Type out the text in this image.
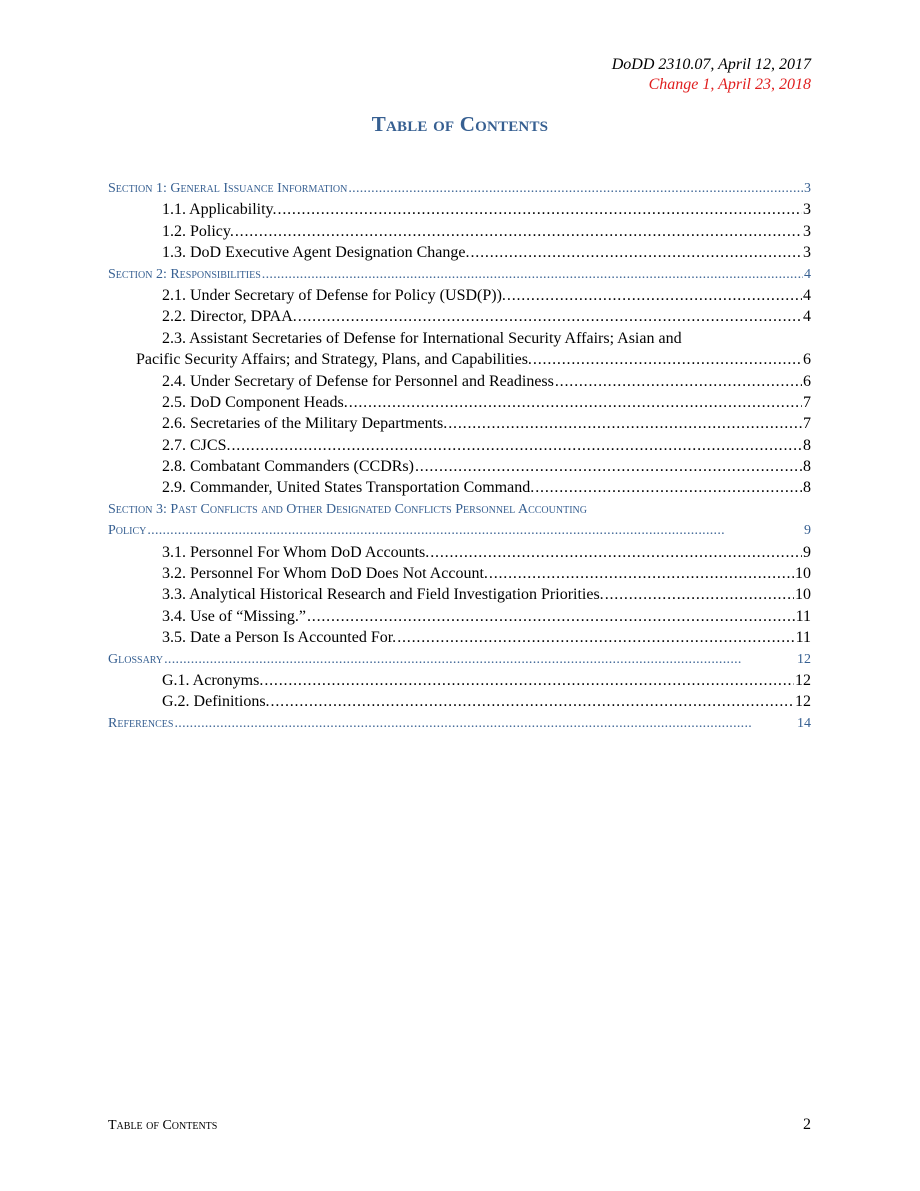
DoDD 2310.07, April 12, 2017
Change 1, April 23, 2018
Table of Contents
Section 1: General Issuance Information . . .	3
1.1. Applicability. . . .	3
1.2. Policy. . . .	3
1.3. DoD Executive Agent Designation Change. . . .	3
Section 2: Responsibilities . . .	4
2.1. Under Secretary of Defense for Policy (USD(P)). . . .	4
2.2. Director, DPAA. . . .	4
2.3. Assistant Secretaries of Defense for International Security Affairs; Asian and
Pacific Security Affairs; and Strategy, Plans, and Capabilities. . . .	6
2.4. Under Secretary of Defense for Personnel and Readiness . . .	6
2.5. DoD Component Heads. . . .	7
2.6. Secretaries of the Military Departments. . . .	7
2.7. CJCS. . . .	8
2.8. Combatant Commanders (CCDRs) . . .	8
2.9. Commander, United States Transportation Command. . . .	8
Section 3: Past Conflicts and Other Designated Conflicts Personnel Accounting
Policy . . .	9
3.1. Personnel For Whom DoD Accounts. . . .	9
3.2. Personnel For Whom DoD Does Not Account. . . .	10
3.3. Analytical Historical Research and Field Investigation Priorities. . . .	10
3.4. Use of “Missing.” . . .	11
3.5. Date a Person Is Accounted For. . . .	11
Glossary . . .	12
G.1. Acronyms. . . .	12
G.2. Definitions. . . .	12
References . . .	14
Table of Contents	2
